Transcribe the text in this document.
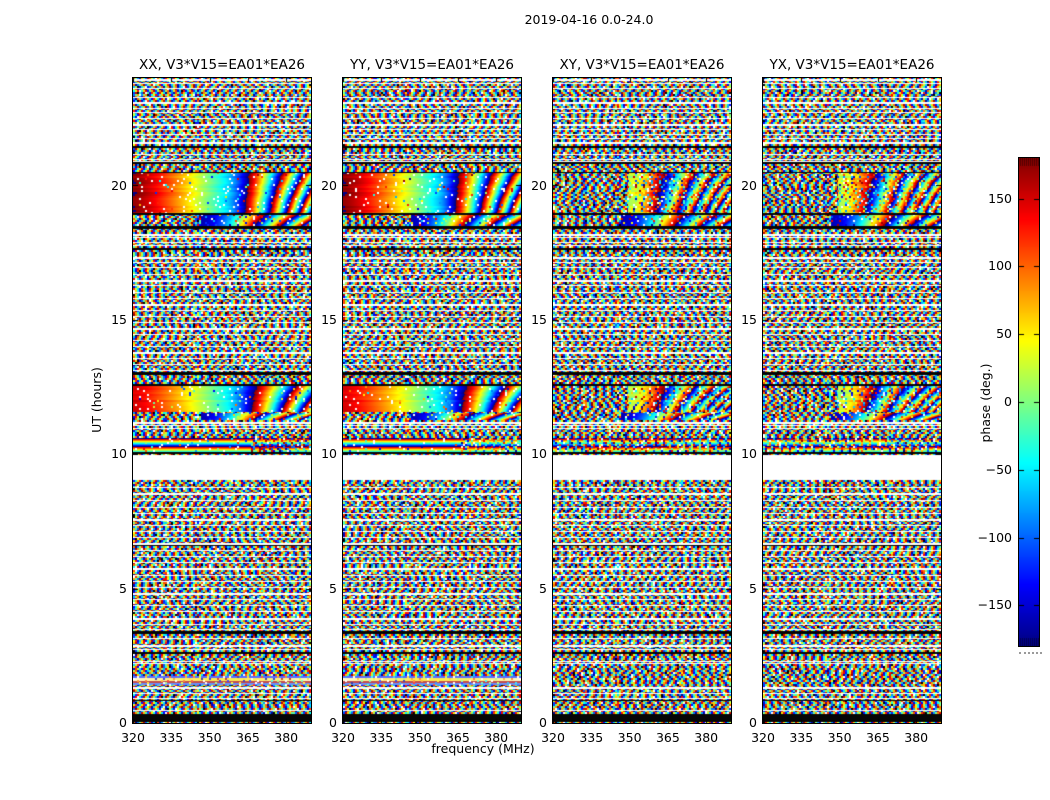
2019-04-16 0.0-24.0
XX, V3*V15=EA01*EA26	YY, V3*V15=EA01*EA26	XY, V3*V15=EA01*EA26	YX, V3*V15=EA01*EA26
UT (hours)
frequency (MHz)
phase (deg.)
0
5
10
15
20
320	335	350	365	380
0
5
10
15
20
320	335	350	365	380
0
5
10
15
20
320	335	350	365	380
0
5
10
15
20
320	335	350	365	380
150
100
50
0
−50
−100
−150
